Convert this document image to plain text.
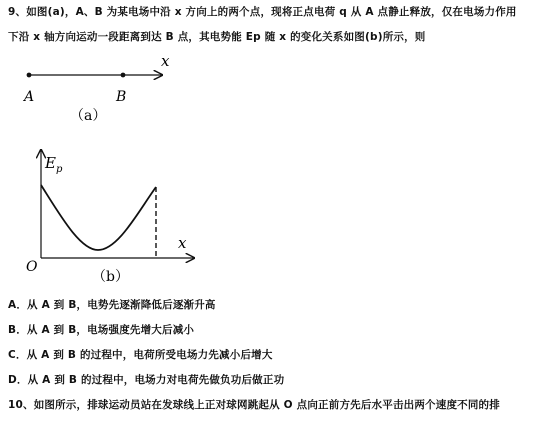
9、如图(a)，A、B 为某电场中沿 x 方向上的两个点，现将正点电荷 q 从 A 点静止释放，仅在电场力作用
下沿 x 轴方向运动一段距离到达 B 点，其电势能 Ep 随 x 的变化关系如图(b)所示，则
x
A	B
（a）
E p
x
O
（b）
A．从 A 到 B，电势先逐渐降低后逐渐升高
B．从 A 到 B，电场强度先增大后减小
C．从 A 到 B 的过程中，电荷所受电场力先减小后增大
D．从 A 到 B 的过程中，电场力对电荷先做负功后做正功
10、如图所示，排球运动员站在发球线上正对球网跳起从 O 点向正前方先后水平击出两个速度不同的排
